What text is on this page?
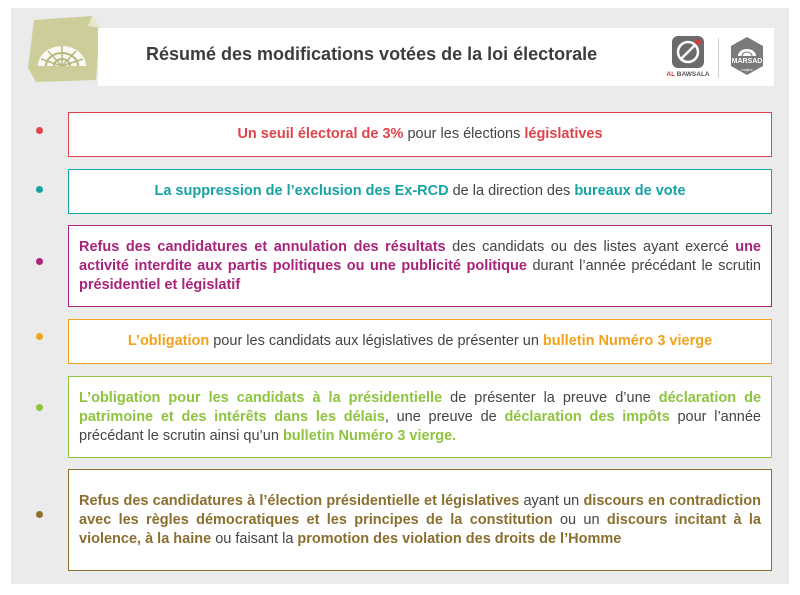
Résumé des modifications votées de la loi électorale
AL BAWSALA
MARSAD
majles

Un seuil électoral de 3% pour les élections législatives

La suppression de l’exclusion des Ex-RCD de la direction des bureaux de vote

Refus des candidatures et annulation des résultats des candidats ou des listes ayant exercé une activité interdite aux partis politiques ou une publicité politique durant l’année précédant le scrutin présidentiel et législatif

L’obligation pour les candidats aux législatives de présenter un bulletin Numéro 3 vierge

L’obligation pour les candidats à la présidentielle de présenter la preuve d’une déclaration de patrimoine et des intérêts dans les délais, une preuve de déclaration des impôts pour l’année précédant le scrutin ainsi qu’un bulletin Numéro 3 vierge.

Refus des candidatures à l’élection présidentielle et législatives ayant un discours en contradiction avec les règles démocratiques et les principes de la constitution ou un discours incitant à la violence, à la haine ou faisant la promotion des violation des droits de l’Homme
